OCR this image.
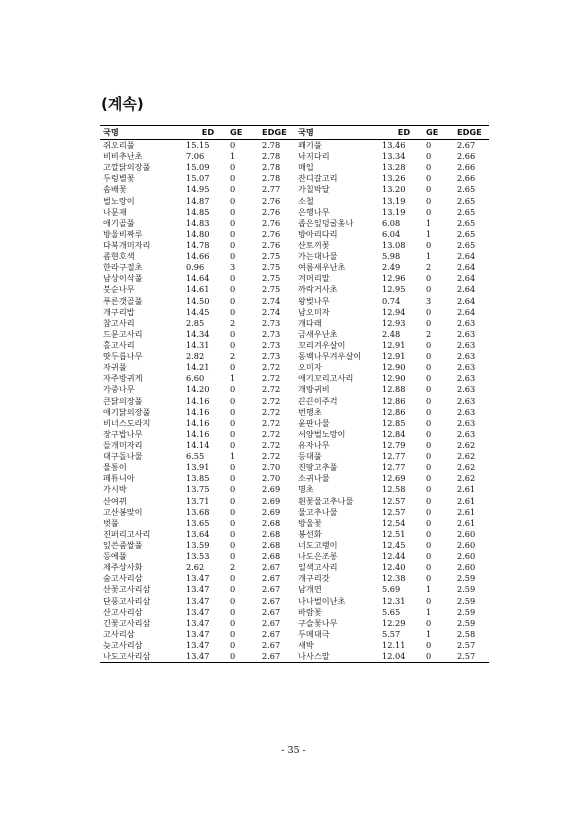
(계속)
국명	ED	GE	EDGE	국명	ED	GE	EDGE
쥐오리풀	15.15	0	2.78	꽤기풀	13.46	0	2.67
비비추난초	7.06	1	2.78	낙지다리	13.34	0	2.66
고깔닭의장풀	15.09	0	2.78	매입	13.28	0	2.66
두렁별꽃	15.07	0	2.78	잔디갈고리	13.26	0	2.66
솜배꽃	14.95	0	2.77	가칠박달	13.20	0	2.65
벌노랑이	14.87	0	2.76	소철	13.19	0	2.65
나문재	14.85	0	2.76	은행나무	13.19	0	2.65
애기골풀	14.83	0	2.76	좁은잎덩굴옻나	6.08	1	2.65
방울비짜루	14.80	0	2.76	방아리다리	6.04	1	2.65
다북개미자리	14.78	0	2.76	산토끼꽃	13.08	0	2.65
좀현호색	14.66	0	2.75	가는대나물	5.98	1	2.64
한라구절초	0.96	3	2.75	여름새우난초	2.49	2	2.64
남상이삭풀	14.64	0	2.75	겨머리말	12.96	0	2.64
붓순나무	14.61	0	2.75	까락거사초	12.95	0	2.64
푸른갯골풀	14.50	0	2.74	왕벚나무	0.74	3	2.64
개구리밥	14.45	0	2.74	남오미자	12.94	0	2.64
참고사리	2.85	2	2.73	개다래	12.93	0	2.63
드문고사리	14.34	0	2.73	금새우난초	2.48	2	2.63
홀고사리	14.31	0	2.73	꼬리겨우살이	12.91	0	2.63
땃두릅나무	2.82	2	2.73	동백나무겨우살이	12.91	0	2.63
자귀풀	14.21	0	2.72	오미자	12.90	0	2.63
자주방귀게	6.60	1	2.72	애기꼬리고사리	12.90	0	2.63
가중나무	14.20	0	2.72	개방귀비	12.88	0	2.63
큰닭의장풀	14.16	0	2.72	끈끈이주걱	12.86	0	2.63
애기닭의장풀	14.16	0	2.72	번행초	12.86	0	2.63
비너스도라지	14.16	0	2.72	윤판나물	12.85	0	2.63
장구밥나무	14.16	0	2.72	서양벌노랑이	12.84	0	2.63
들개미자리	14.14	0	2.72	유자나무	12.79	0	2.62
대구돌나물	6.55	1	2.72	등대풀	12.77	0	2.62
물통이	13.91	0	2.70	진땅고추풀	12.77	0	2.62
페튜니아	13.85	0	2.70	소귀나물	12.69	0	2.62
가시박	13.75	0	2.69	명초	12.58	0	2.61
산여뀌	13.71	0	2.69	흰꽃물고추나물	12.57	0	2.61
고산봉맞이	13.68	0	2.69	물고추나물	12.57	0	2.61
벗풀	13.65	0	2.68	방울꽃	12.54	0	2.61
진퍼리고사리	13.64	0	2.68	봉선화	12.51	0	2.60
잎쓴줌쌀풀	13.59	0	2.68	너도고랭이	12.45	0	2.60
등에풀	13.53	0	2.68	나도은조롱	12.44	0	2.60
제주상사화	2.62	2	2.67	일색고사리	12.40	0	2.60
숲고사리삼	13.47	0	2.67	개구리갓	12.38	0	2.59
산꽃고사리삼	13.47	0	2.67	남개연	5.69	1	2.59
단풍고사리삼	13.47	0	2.67	나나벌이난초	12.31	0	2.59
산고사리삼	13.47	0	2.67	바람꽃	5.65	1	2.59
긴꽃고사리삼	13.47	0	2.67	구슬꽃나무	12.29	0	2.59
고사리삼	13.47	0	2.67	두메대극	5.57	1	2.58
늦고사리삼	13.47	0	2.67	새박	12.11	0	2.57
나도고사리삼	13.47	0	2.67	나사스말	12.04	0	2.57
- 35 -
